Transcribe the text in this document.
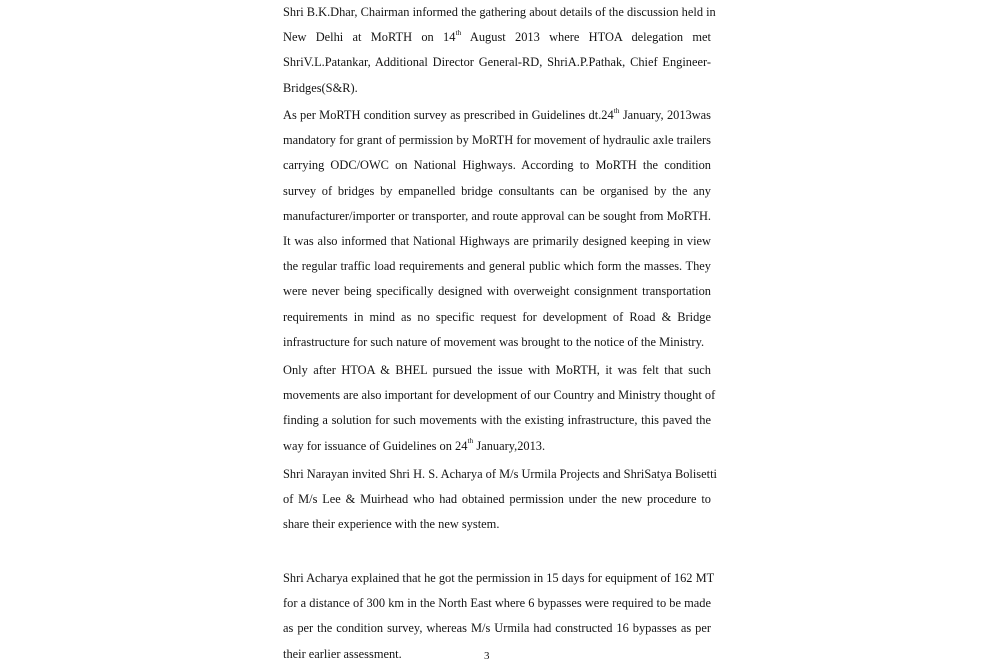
Shri B.K.Dhar, Chairman informed the gathering about details of the discussion held in
New Delhi at MoRTH on 14th August 2013 where HTOA delegation met
ShriV.L.Patankar, Additional Director General-RD, ShriA.P.Pathak, Chief Engineer-
Bridges(S&R).
As per MoRTH condition survey as prescribed in Guidelines dt.24th January, 2013was
mandatory for grant of permission by MoRTH for movement of hydraulic axle trailers
carrying ODC/OWC on National Highways. According to MoRTH the condition
survey of bridges by empanelled bridge consultants can be organised by the any
manufacturer/importer or transporter, and route approval can be sought from MoRTH.
It was also informed that National Highways are primarily designed keeping in view
the regular traffic load requirements and general public which form the masses. They
were never being specifically designed with overweight consignment transportation
requirements in mind as no specific request for development of Road & Bridge
infrastructure for such nature of movement was brought to the notice of the Ministry.
Only after HTOA & BHEL pursued the issue with MoRTH, it was felt that such
movements are also important for development of our Country and Ministry thought of
finding a solution for such movements with the existing infrastructure, this paved the
way for issuance of Guidelines on 24th January,2013.
Shri Narayan invited Shri H. S. Acharya of M/s Urmila Projects and ShriSatya Bolisetti
of M/s Lee & Muirhead who had obtained permission under the new procedure to
share their experience with the new system.
Shri Acharya explained that he got the permission in 15 days for equipment of 162 MT
for a distance of 300 km in the North East where 6 bypasses were required to be made
as per the condition survey, whereas M/s Urmila had constructed 16 bypasses as per
their earlier assessment.	3
